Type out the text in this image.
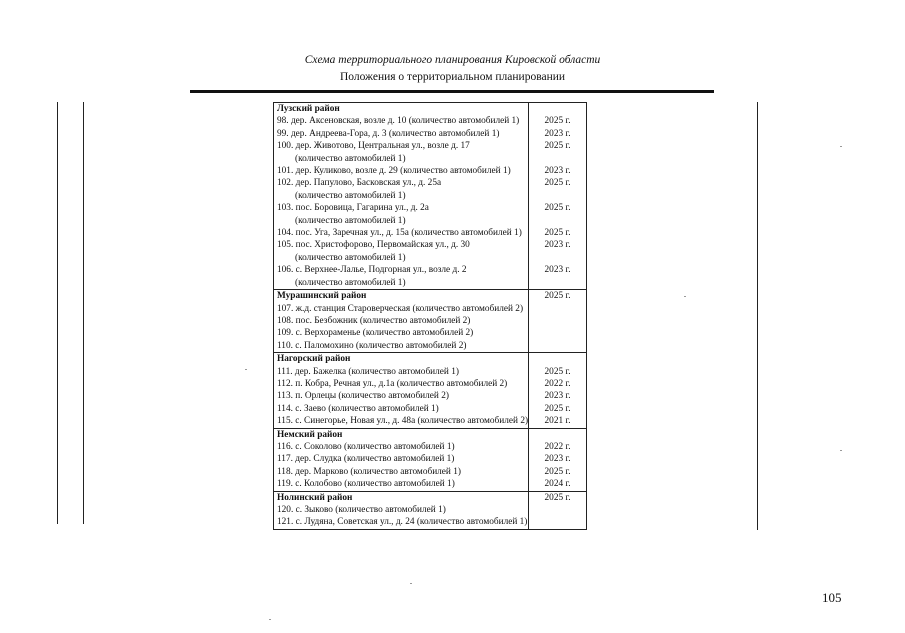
Схема территориального планирования Кировской области
Положения о территориальном планировании
Лузский район	
98. дер. Аксеновская, возле д. 10 (количество автомобилей 1)	2025 г.
99. дер. Андреева-Гора, д. 3 (количество автомобилей 1)	2023 г.
100. дер. Животово, Центральная ул., возле д. 17
(количество автомобилей 1)	2025 г.
101. дер. Куликово, возле д. 29 (количество автомобилей 1)	2023 г.
102. дер. Папулово, Басковская ул., д. 25а
(количество автомобилей 1)	2025 г.
103. пос. Боровица, Гагарина ул., д. 2а
(количество автомобилей 1)	2025 г.
104. пос. Уга, Заречная ул., д. 15а (количество автомобилей 1)	2025 г.
105. пос. Христофорово, Первомайская ул., д. 30
(количество автомобилей 1)	2023 г.
106. с. Верхнее-Лалье, Подгорная ул., возле д. 2
(количество автомобилей 1)	2023 г.
Мурашинский район	2025 г.
107. ж.д. станция Староверческая (количество автомобилей 2)	
108. пос. Безбожник (количество автомобилей 2)	
109. с. Верхораменье (количество автомобилей 2)	
110. с. Паломохино (количество автомобилей 2)	
Нагорский район	
111. дер. Бажелка (количество автомобилей 1)	2025 г.
112. п. Кобра, Речная ул., д.1а (количество автомобилей 2)	2022 г.
113. п. Орлецы (количество автомобилей 2)	2023 г.
114. с. Заево (количество автомобилей 1)	2025 г.
115. с. Синегорье, Новая ул., д. 48а (количество автомобилей 2)	2021 г.
Немский район	
116. с. Соколово (количество автомобилей 1)	2022 г.
117. дер. Слудка (количество автомобилей 1)	2023 г.
118. дер. Марково (количество автомобилей 1)	2025 г.
119. с. Колобово (количество автомобилей 1)	2024 г.
Нолинский район	2025 г.
120. с. Зыково (количество автомобилей 1)	
121. с. Лудяна, Советская ул., д. 24 (количество автомобилей 1)	
105
